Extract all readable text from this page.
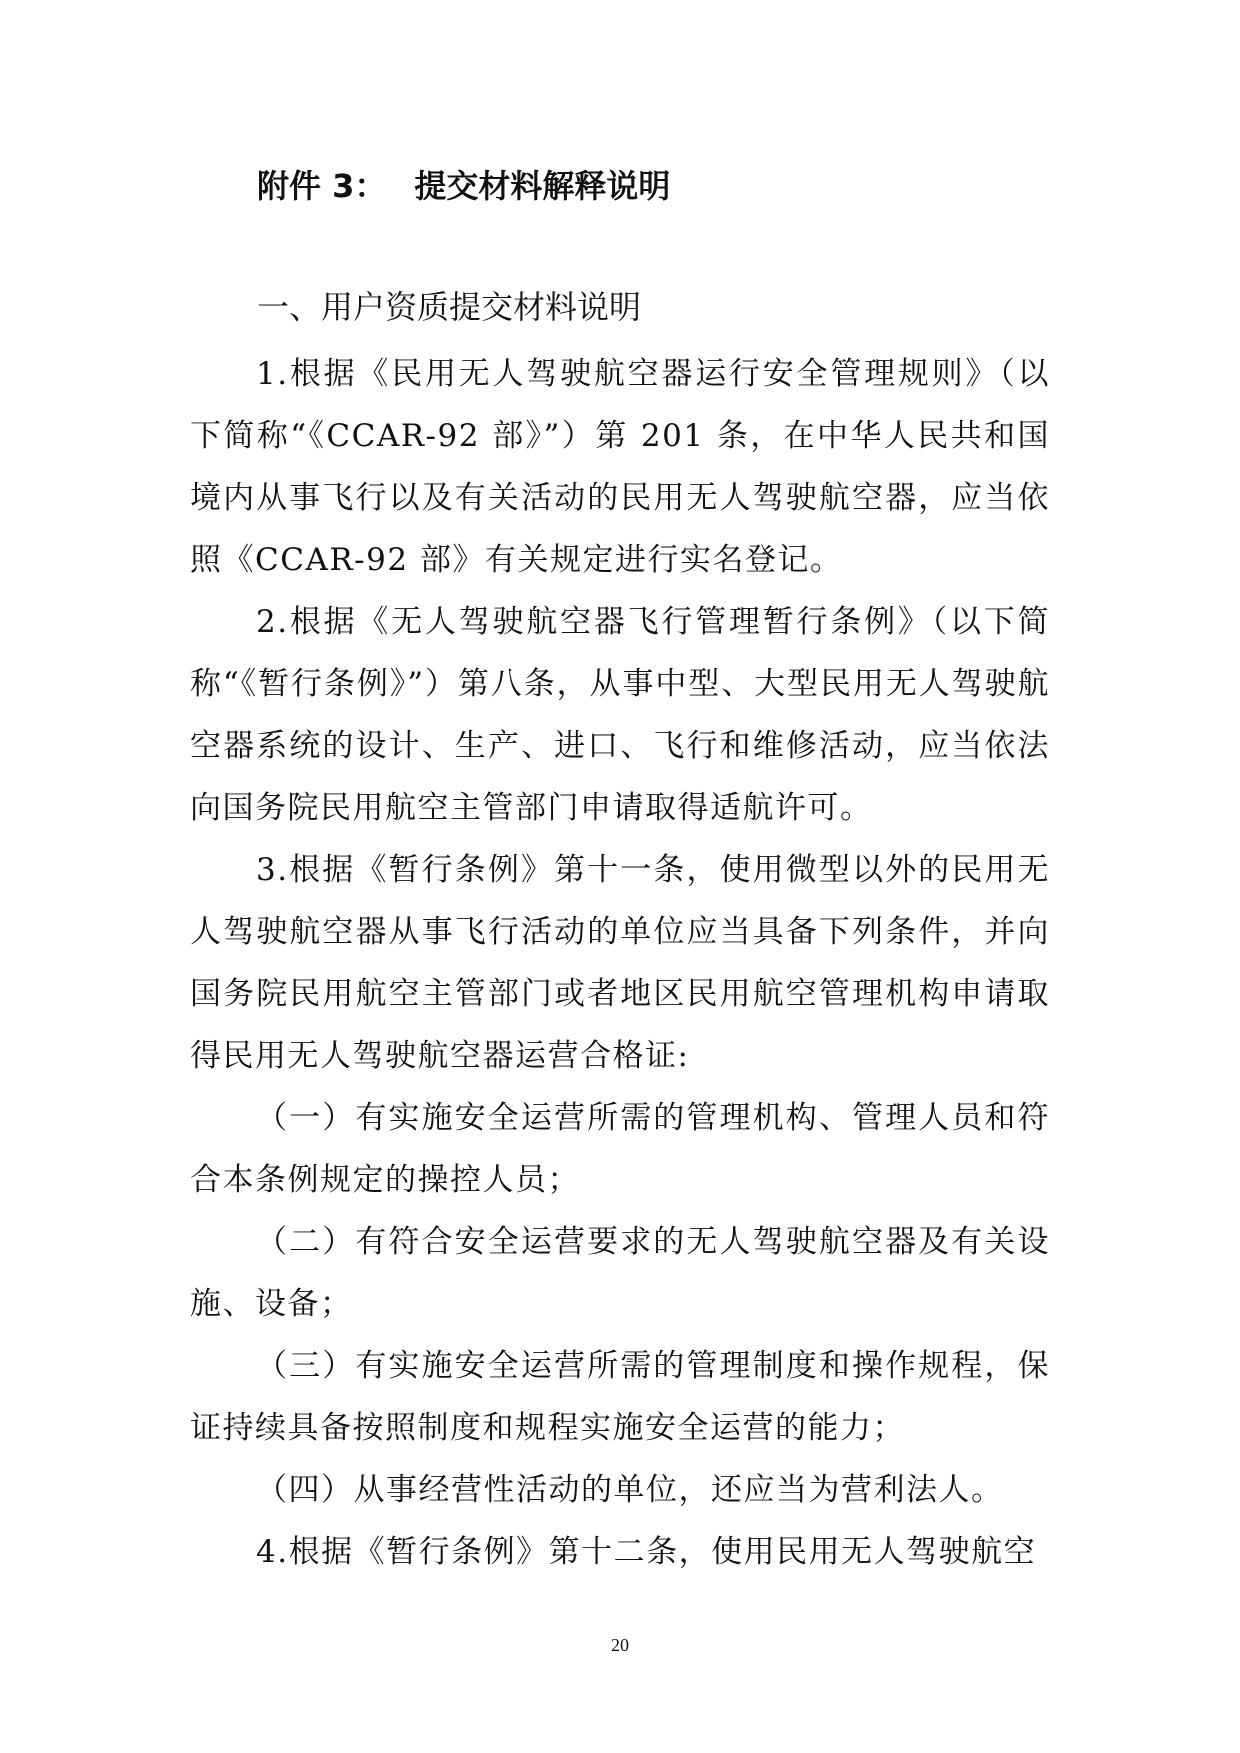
附件 3： 提交材料解释说明
一、用户资质提交材料说明

1.根据《民用无人驾驶航空器运行安全管理规则》（以下简称“《CCAR-92 部》”）第 201 条，在中华人民共和国境内从事飞行以及有关活动的民用无人驾驶航空器，应当依照《CCAR-92 部》有关规定进行实名登记。

2.根据《无人驾驶航空器飞行管理暂行条例》（以下简称“《暂行条例》”）第八条，从事中型、大型民用无人驾驶航空器系统的设计、生产、进口、飞行和维修活动，应当依法向国务院民用航空主管部门申请取得适航许可。

3.根据《暂行条例》第十一条，使用微型以外的民用无人驾驶航空器从事飞行活动的单位应当具备下列条件，并向国务院民用航空主管部门或者地区民用航空管理机构申请取得民用无人驾驶航空器运营合格证:

（一）有实施安全运营所需的管理机构、管理人员和符合本条例规定的操控人员；

（二）有符合安全运营要求的无人驾驶航空器及有关设施、设备；

（三）有实施安全运营所需的管理制度和操作规程，保证持续具备按照制度和规程实施安全运营的能力；

（四）从事经营性活动的单位，还应当为营利法人。

4.根据《暂行条例》第十二条，使用民用无人驾驶航空

20
